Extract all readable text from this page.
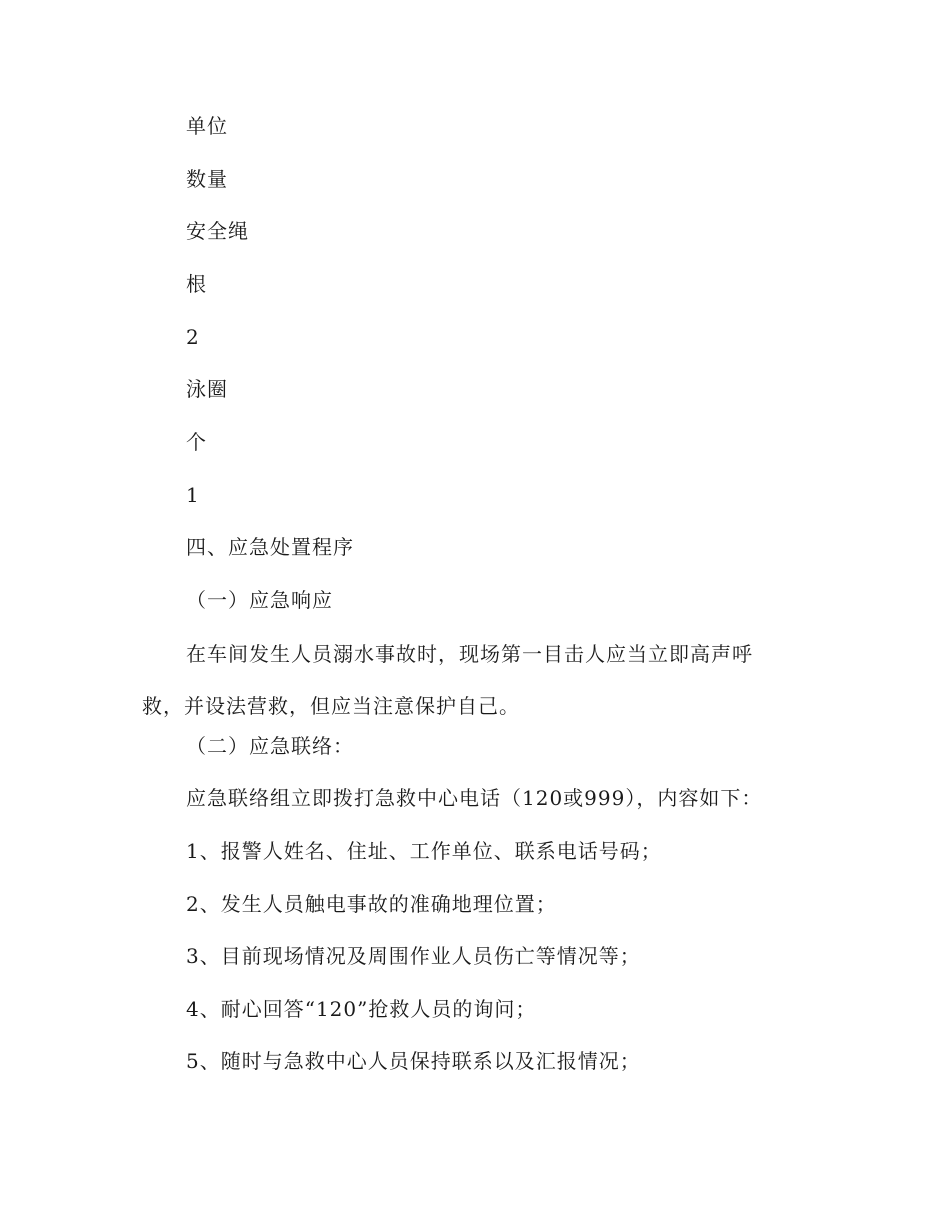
单位
数量
安全绳
根
2
泳圈
个
1
四、应急处置程序
（一）应急响应
在车间发生人员溺水事故时，现场第一目击人应当立即高声呼救，并设法营救，但应当注意保护自己。
（二）应急联络：
应急联络组立即拨打急救中心电话（120或999），内容如下：
1、报警人姓名、住址、工作单位、联系电话号码；
2、发生人员触电事故的准确地理位置；
3、目前现场情况及周围作业人员伤亡等情况等；
4、耐心回答“120”抢救人员的询问；
5、随时与急救中心人员保持联系以及汇报情况；
